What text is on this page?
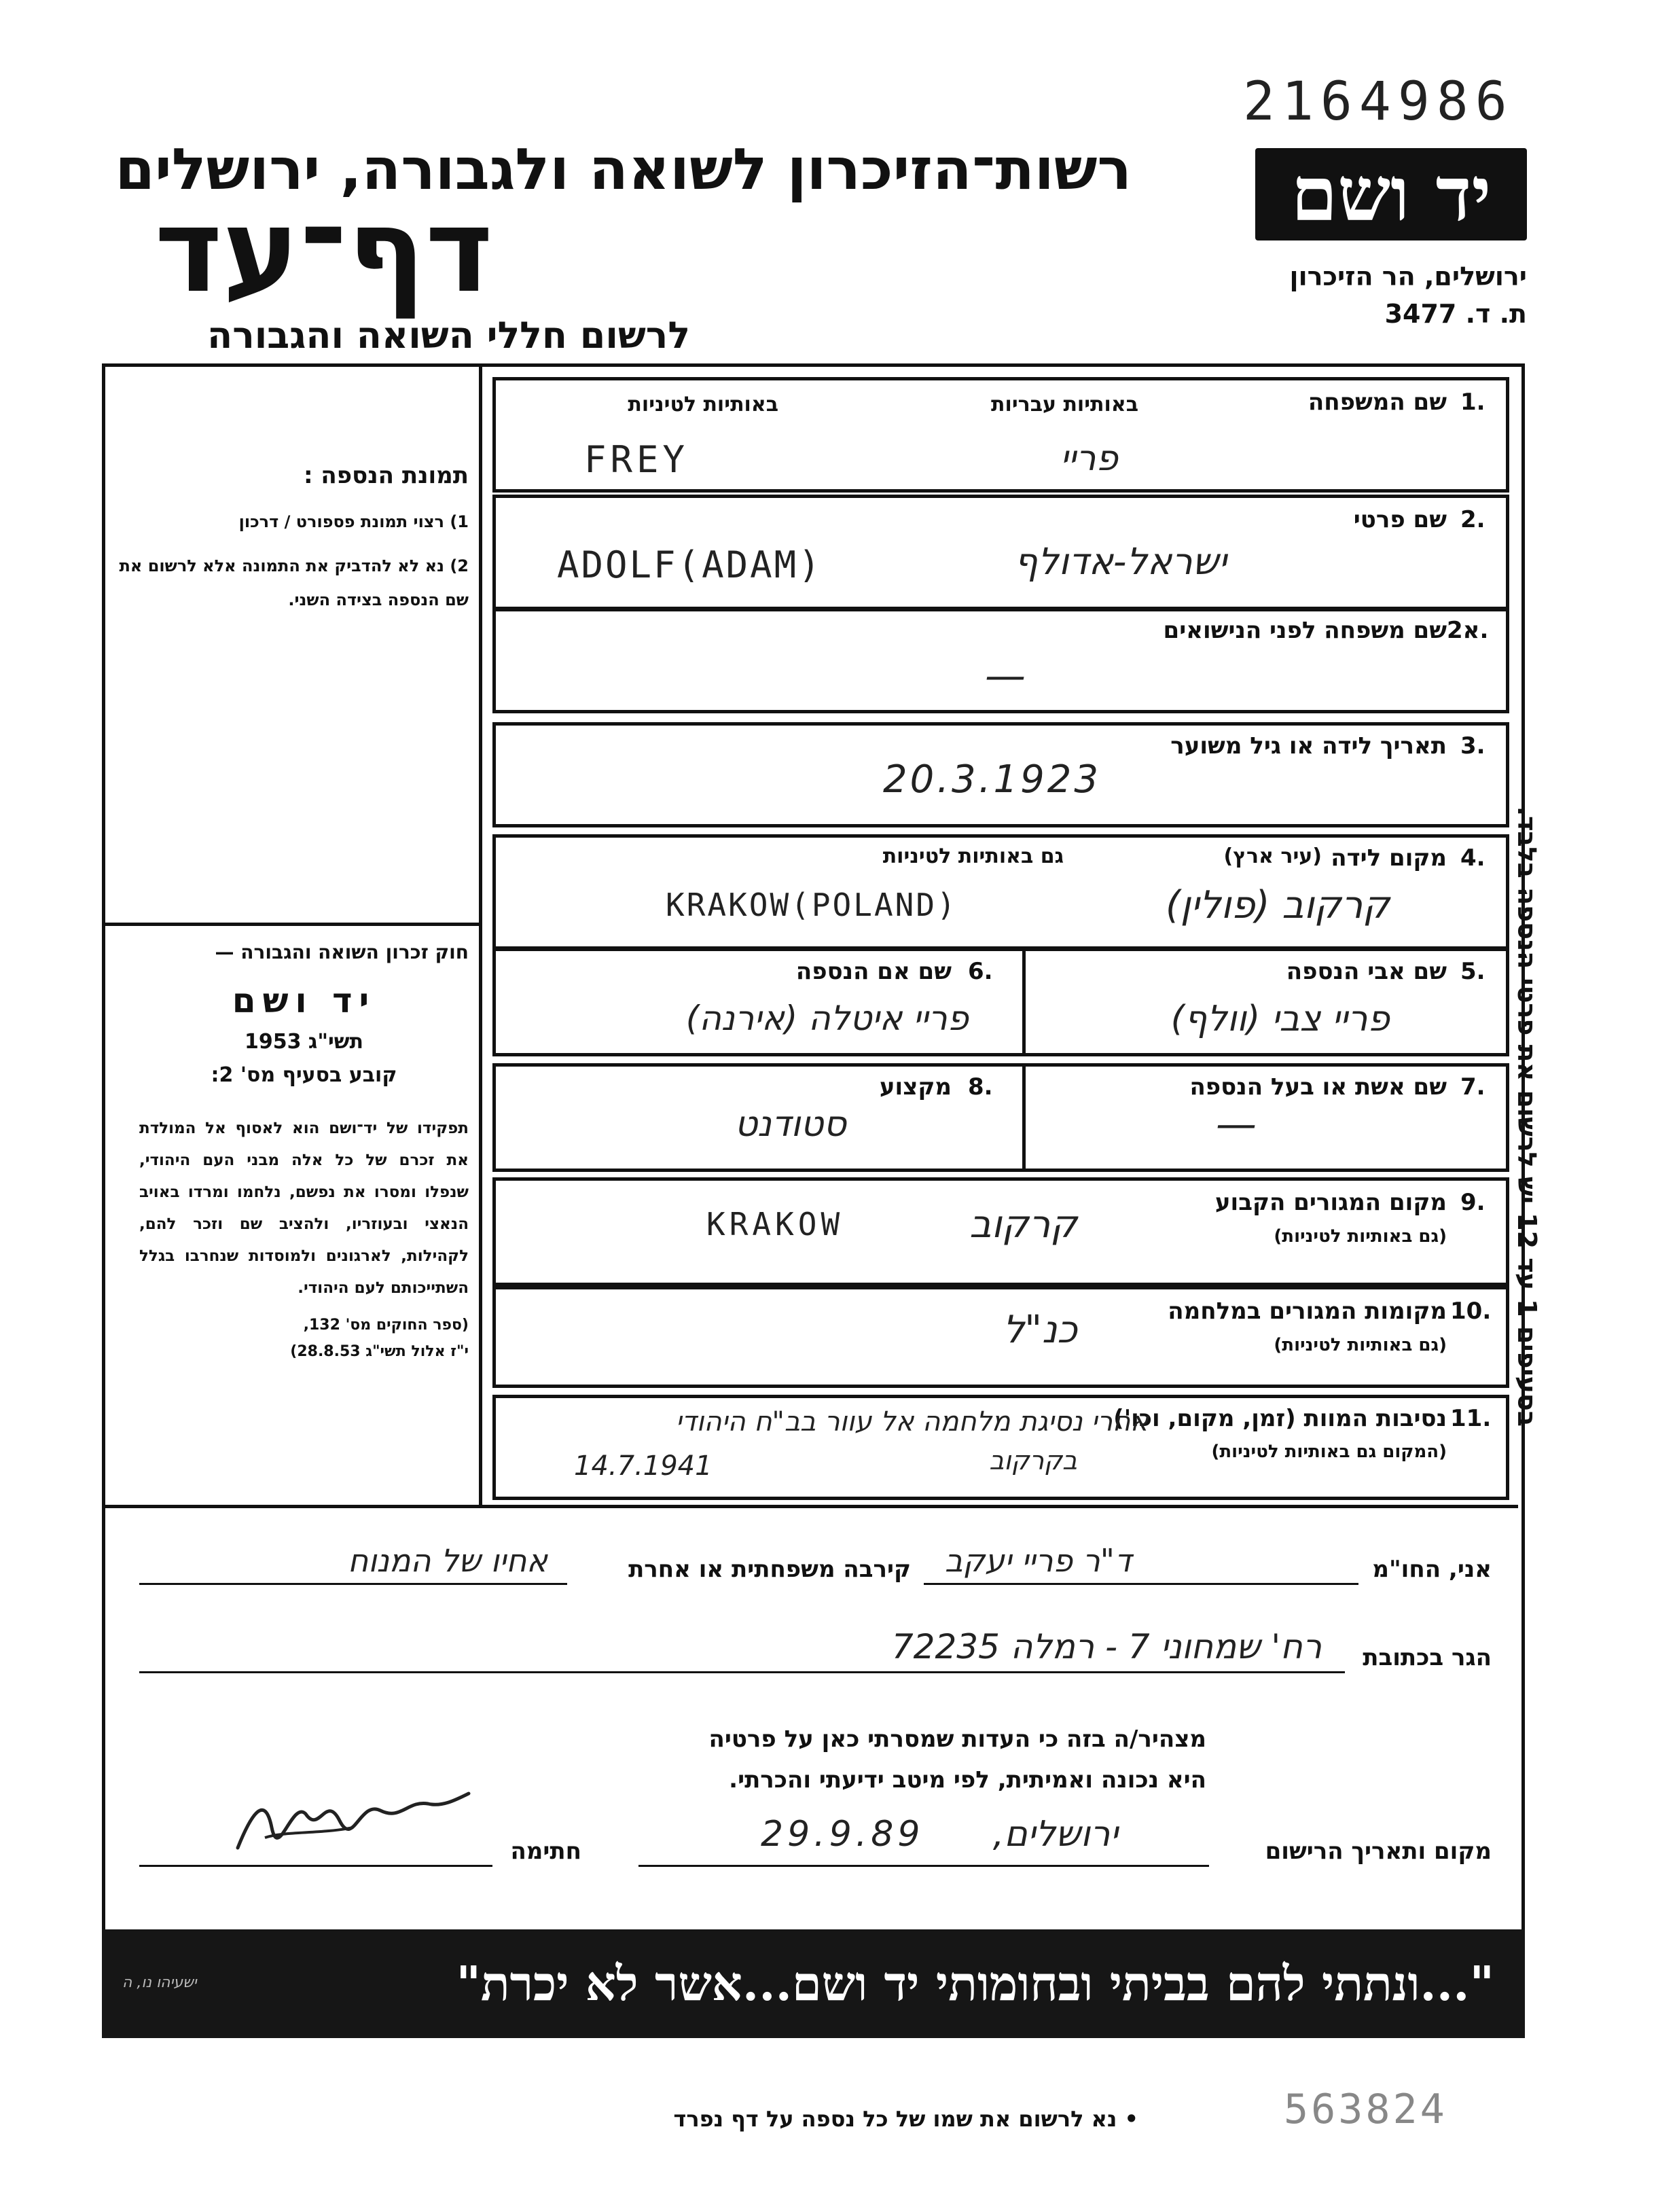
2164986
רשות־הזיכרון לשואה ולגבורה, ירושלים
דף־עד
לרשום חללי השואה והגבורה
יד ושם
ירושלים, הר הזיכרון
ת. ד. 3477
תמונת הנספה :
1) רצוי תמונת פספורט / דרכון
2) נא לא להדביק את התמונה אלא לרשום את שם הנספה בצידה השני.
חוק זכרון השואה והגבורה —
יד ושם
תשי"ג 1953
קובע בסעיף מס' 2:
תפקידו של יד־ושם הוא לאסוף אל המולדת את זכרם של כל אלה מבני העם היהודי, שנפלו ומסרו את נפשם, נלחמו ומרדו באויב הנאצי ובעוזריו, ולהציב שם וזכר להם, לקהילות, לארגונים ולמוסדות שנחרבו בגלל השתייכותם לעם היהודי.
(ספר החוקים מס' 132,
י"ז אלול תשי"ג 28.8.53)
1.
שם המשפחה
באותיות עבריות
באותיות לטיניות
FREY	פריי
2.
שם פרטי
ADOLF(ADAM)	ישראל-אדולף
2א.
שם משפחה לפני הנישואים
—
3.
תאריך לידה או גיל משוער
20.3.1923
4.
מקום לידה
(עיר ארץ)
גם באותיות לטיניות
KRAKOW(POLAND)	קרקוב (פולין)
5.
שם אבי הנספה
פריי צבי (וולף)
6.
שם אם הנספה
פריי איטלה (אירנה)
7.
שם אשת או בעל הנספה
—
8.
מקצוע
סטודנט
9.
מקום המגורים הקבוע
(גם באותיות לטיניות)
KRAKOW	קרקוב
10.
מקומות המגורים במלחמה
(גם באותיות לטיניות)
כנ"ל
11.
נסיבות המוות (זמן, מקום, וכו')
(המקום גם באותיות לטיניות)
אחרי נסיגת מלחמה אל עוור בב"ח היהודי
בקרקוב
14.7.1941
בסעיפים 1 עד 12 יש לרשום את פרטי הנספה בלבד.
אני, החו"מ
ד"ר פריי יעקב
קירבה משפחתית או אחרת
אחיו של המנוח
הגר בכתובת
רח' שמחוני 7 - רמלה 72235
מצהיר/ה בזה כי העדות שמסרתי כאן על פרטיה
היא נכונה ואמיתית, לפי מיטב ידיעתי והכרתי.
מקום ותאריך הרישום
ירושלים,
29.9.89
חתימה
"...ונתתי להם בביתי ובחומותי יד ושם...אשר לא יכרת"
ישעיהו נו, ה
• נא לרשום את שמו של כל נספה על דף נפרד	563824
